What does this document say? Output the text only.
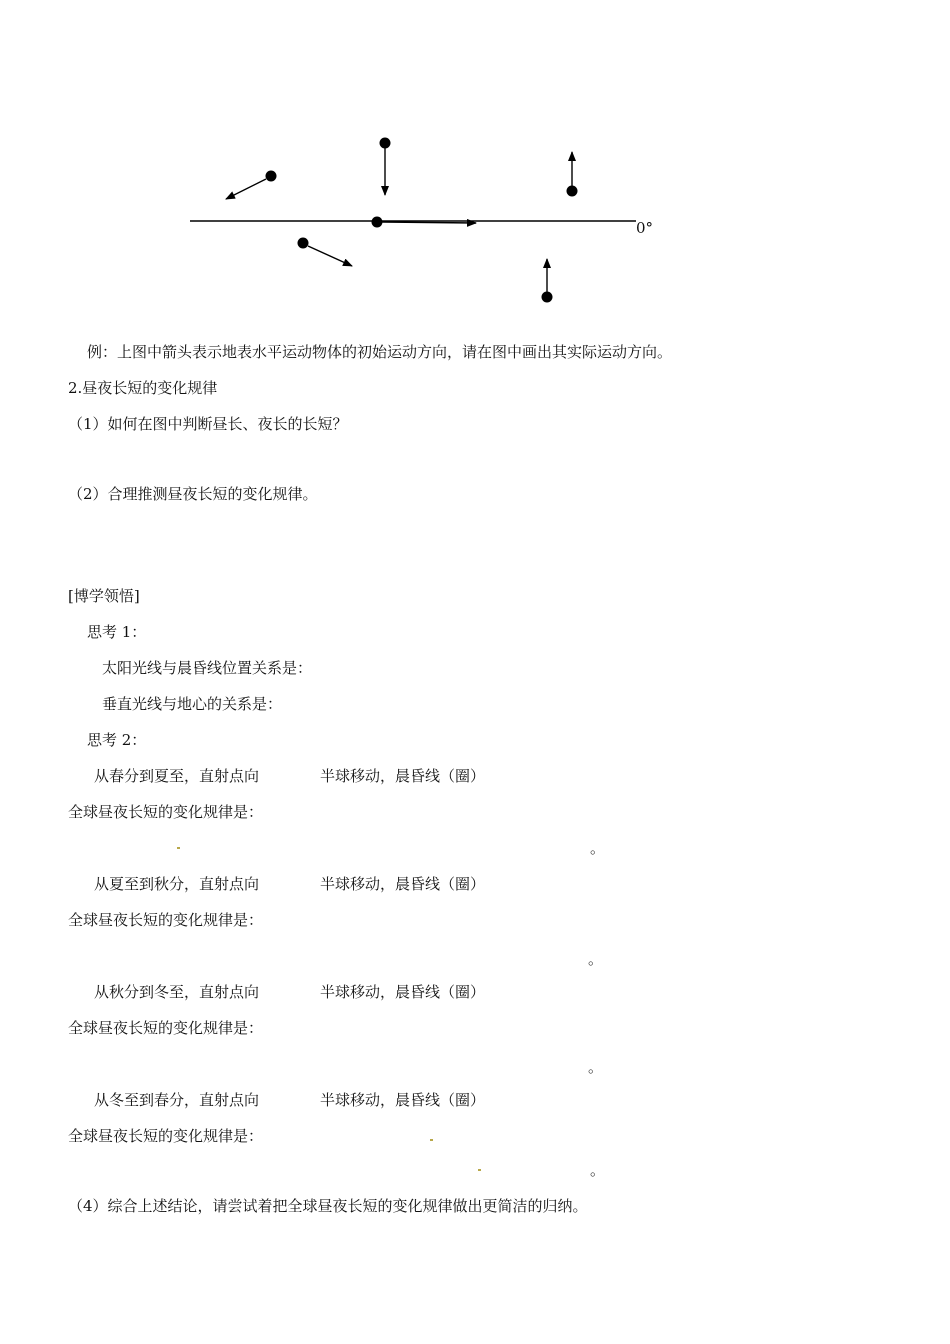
0°
例：上图中箭头表示地表水平运动物体的初始运动方向，请在图中画出其实际运动方向。
2.昼夜长短的变化规律
（1）如何在图中判断昼长、夜长的长短？
（2）合理推测昼夜长短的变化规律。
[博学领悟]
思考 1：
太阳光线与晨昏线位置关系是：
垂直光线与地心的关系是：
思考 2：
从春分到夏至，直射点向	半球移动，晨昏线（圈）
全球昼夜长短的变化规律是：
。
从夏至到秋分，直射点向	半球移动，晨昏线（圈）
全球昼夜长短的变化规律是：
。
从秋分到冬至，直射点向	半球移动，晨昏线（圈）
全球昼夜长短的变化规律是：
。
从冬至到春分，直射点向	半球移动，晨昏线（圈）
全球昼夜长短的变化规律是：
。
（4）综合上述结论，请尝试着把全球昼夜长短的变化规律做出更简洁的归纳。
